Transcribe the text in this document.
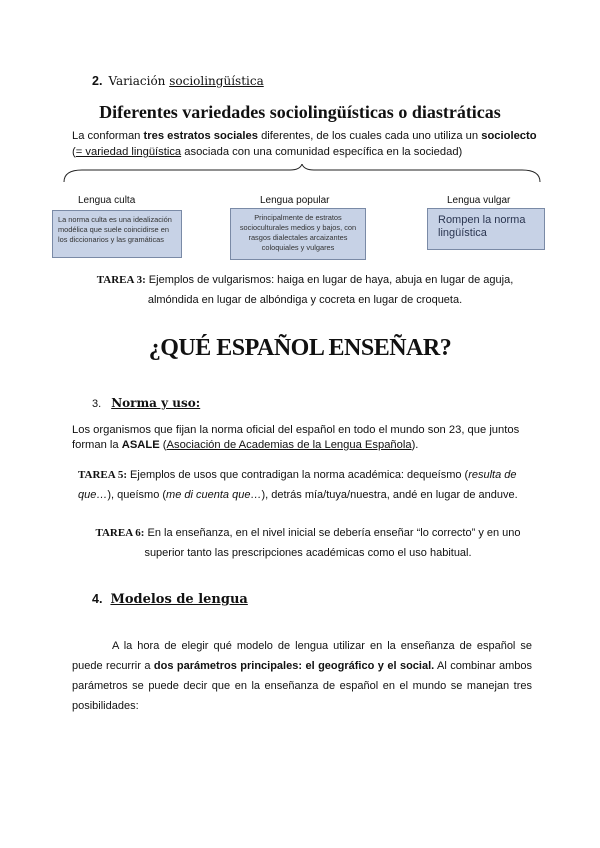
2. Variación sociolingüística
Diferentes variedades sociolingüísticas o diastráticas
La conforman tres estratos sociales diferentes, de los cuales cada uno utiliza un sociolecto (= variedad lingüística asociada con una comunidad específica en la sociedad)
Lengua culta	Lengua popular	Lengua vulgar
La norma culta es una idealización modélica que suele coincidirse en los diccionarios y las gramáticas
Principalmente de estratos socioculturales medios y bajos, con rasgos dialectales arcaizantes coloquiales y vulgares
Rompen la norma lingüística
TAREA 3: Ejemplos de vulgarismos: haiga en lugar de haya, abuja en lugar de aguja, almóndida en lugar de albóndiga y cocreta en lugar de croqueta.
¿QUÉ ESPAÑOL ENSEÑAR?
3. Norma y uso:
Los organismos que fijan la norma oficial del español en todo el mundo son 23, que juntos forman la ASALE (Asociación de Academias de la Lengua Española).
TAREA 5: Ejemplos de usos que contradigan la norma académica: dequeísmo (resulta de que…), queísmo (me di cuenta que…), detrás mía/tuya/nuestra, andé en lugar de anduve.
TAREA 6: En la enseñanza, en el nivel inicial se debería enseñar “lo correcto” y en uno superior tanto las prescripciones académicas como el uso habitual.
4. Modelos de lengua
A la hora de elegir qué modelo de lengua utilizar en la enseñanza de español se puede recurrir a dos parámetros principales: el geográfico y el social. Al combinar ambos parámetros se puede decir que en la enseñanza de español en el mundo se manejan tres posibilidades:
